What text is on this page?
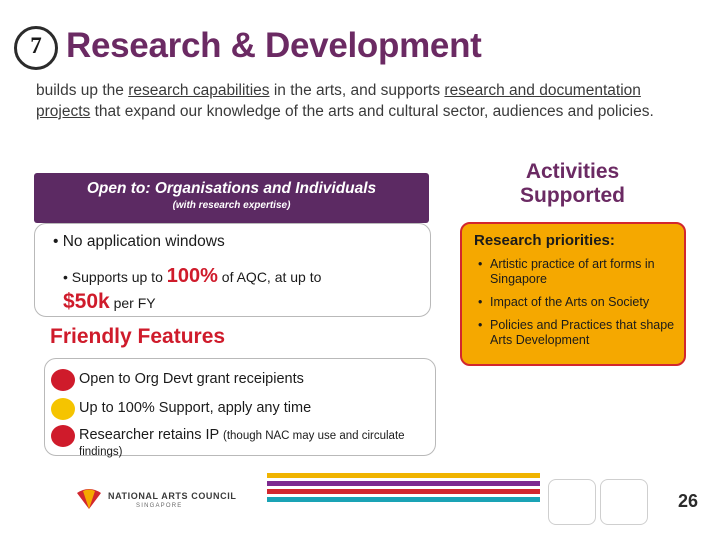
7 Research & Development
builds up the research capabilities in the arts, and supports research and documentation projects that expand our knowledge of the arts and cultural sector, audiences and policies.
Open to: Organisations and Individuals
(with research expertise)
• No application windows
• Supports up to 100% of AQC, at up to
$50k per FY
Friendly Features
Open to Org Devt grant receipients
Up to 100% Support, apply any time
Researcher retains IP (though NAC may use and circulate findings)
Activities
Supported
Research priorities:
• Artistic practice of art forms in Singapore
• Impact of the Arts on Society
• Policies and Practices that shape Arts Development
NATIONAL ARTS COUNCIL
SINGAPORE	26
